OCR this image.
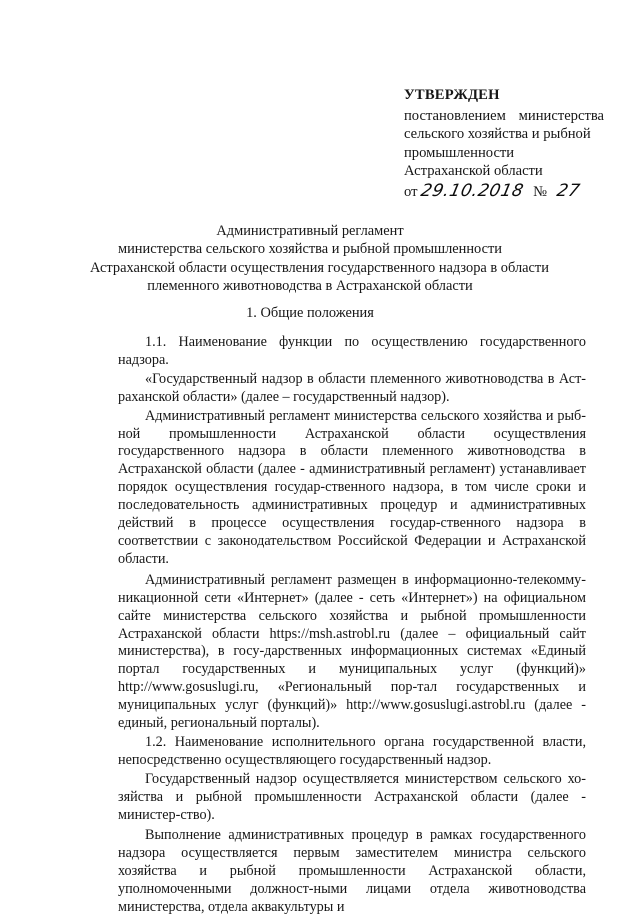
УТВЕРЖДЕН
постановлением министерства
сельского хозяйства и рыбной
промышленности
Астраханской области
от 29.10.2018 № 27
Административный регламент
министерства сельского хозяйства и рыбной промышленности
Астраханской области осуществления государственного надзора в области
племенного животноводства в Астраханской области
1. Общие положения

1.1. Наименование функции по осуществлению государственного надзора.

«Государственный надзор в области племенного животноводства в Аст-раханской области» (далее – государственный надзор).

Административный регламент министерства сельского хозяйства и рыб-ной промышленности Астраханской области осуществления государственного надзора в области племенного животноводства в Астраханской области (далее - административный регламент) устанавливает порядок осуществления государ-ственного надзора, в том числе сроки и последовательность административных процедур и административных действий в процессе осуществления государ-ственного надзора в соответствии с законодательством Российской Федерации и Астраханской области.

Административный регламент размещен в информационно-телекомму-никационной сети «Интернет» (далее - сеть «Интернет») на официальном сайте министерства сельского хозяйства и рыбной промышленности Астраханской области https://msh.astrobl.ru (далее – официальный сайт министерства), в госу-дарственных информационных системах «Единый портал государственных и муниципальных услуг (функций)» http://www.gosuslugi.ru, «Региональный пор-тал государственных и муниципальных услуг (функций)» http://www.gosuslugi.astrobl.ru (далее - единый, региональный порталы).

1.2. Наименование исполнительного органа государственной власти, непосредственно осуществляющего государственный надзор.

Государственный надзор осуществляется министерством сельского хо-зяйства и рыбной промышленности Астраханской области (далее - министер-ство).

Выполнение административных процедур в рамках государственного надзора осуществляется первым заместителем министра сельского хозяйства и рыбной промышленности Астраханской области, уполномоченными должност-ными лицами отдела животноводства министерства, отдела аквакультуры и
